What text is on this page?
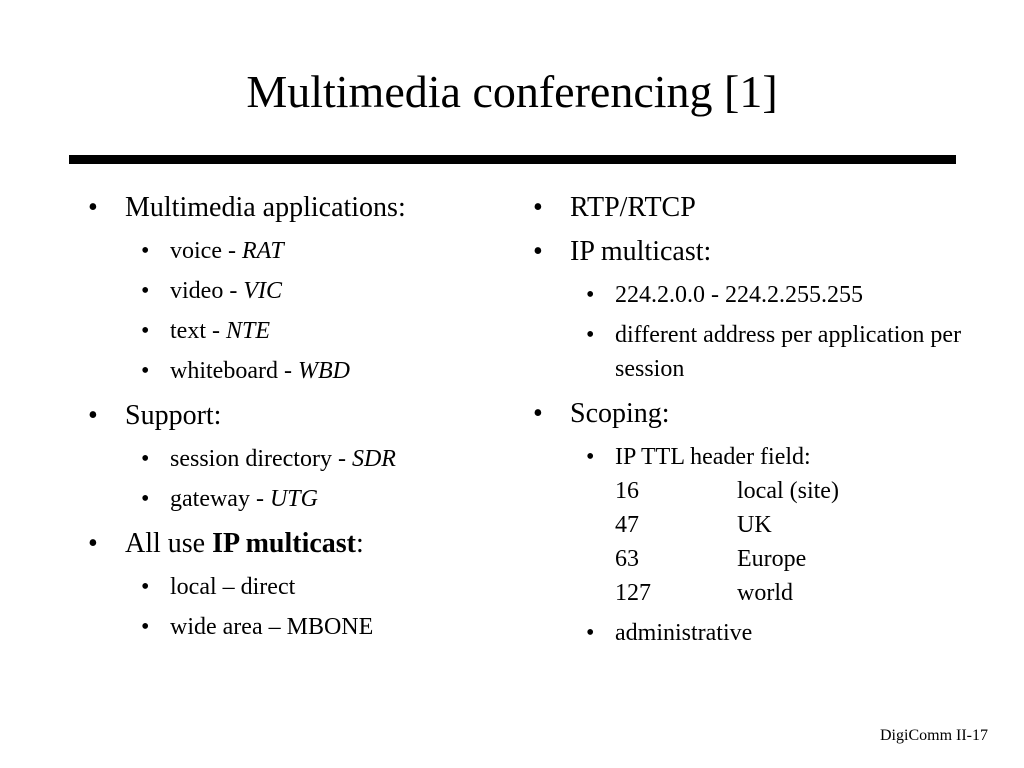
Multimedia conferencing [1]
• Multimedia applications:
• voice - RAT
• video - VIC
• text - NTE
• whiteboard - WBD
• Support:
• session directory - SDR
• gateway - UTG
• All use IP multicast:
• local – direct
• wide area – MBONE
• RTP/RTCP
• IP multicast:
• 224.2.0.0 - 224.2.255.255
• different address per application per session
• Scoping:
• IP TTL header field:
16	local (site)
47	UK
63	Europe
127	world
• administrative
DigiComm II-17
